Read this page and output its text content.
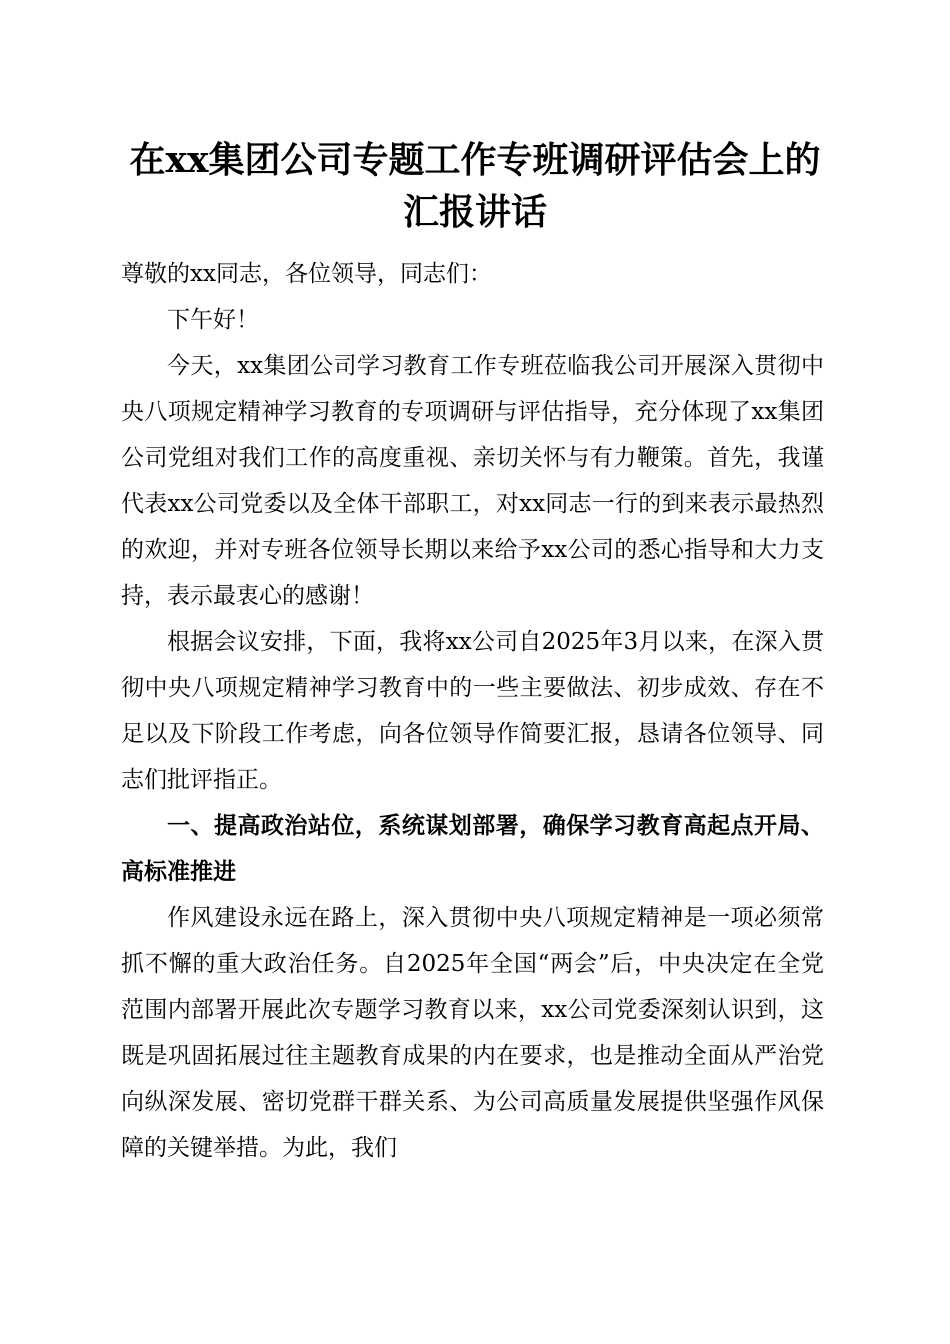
在xx集团公司专题工作专班调研评估会上的
汇报讲话

尊敬的xx同志，各位领导，同志们：

下午好！

今天，xx集团公司学习教育工作专班莅临我公司开展深入贯彻中央八项规定精神学习教育的专项调研与评估指导，充分体现了xx集团公司党组对我们工作的高度重视、亲切关怀与有力鞭策。首先，我谨代表xx公司党委以及全体干部职工，对xx同志一行的到来表示最热烈的欢迎，并对专班各位领导长期以来给予xx公司的悉心指导和大力支持，表示最衷心的感谢！

根据会议安排，下面，我将xx公司自2025年3月以来，在深入贯彻中央八项规定精神学习教育中的一些主要做法、初步成效、存在不足以及下阶段工作考虑，向各位领导作简要汇报，恳请各位领导、同志们批评指正。

一、提高政治站位，系统谋划部署，确保学习教育高起点开局、高标准推进

作风建设永远在路上，深入贯彻中央八项规定精神是一项必须常抓不懈的重大政治任务。自2025年全国“两会”后，中央决定在全党范围内部署开展此次专题学习教育以来，xx公司党委深刻认识到，这既是巩固拓展过往主题教育成果的内在要求，也是推动全面从严治党向纵深发展、密切党群干群关系、为公司高质量发展提供坚强作风保障的关键举措。为此，我们
